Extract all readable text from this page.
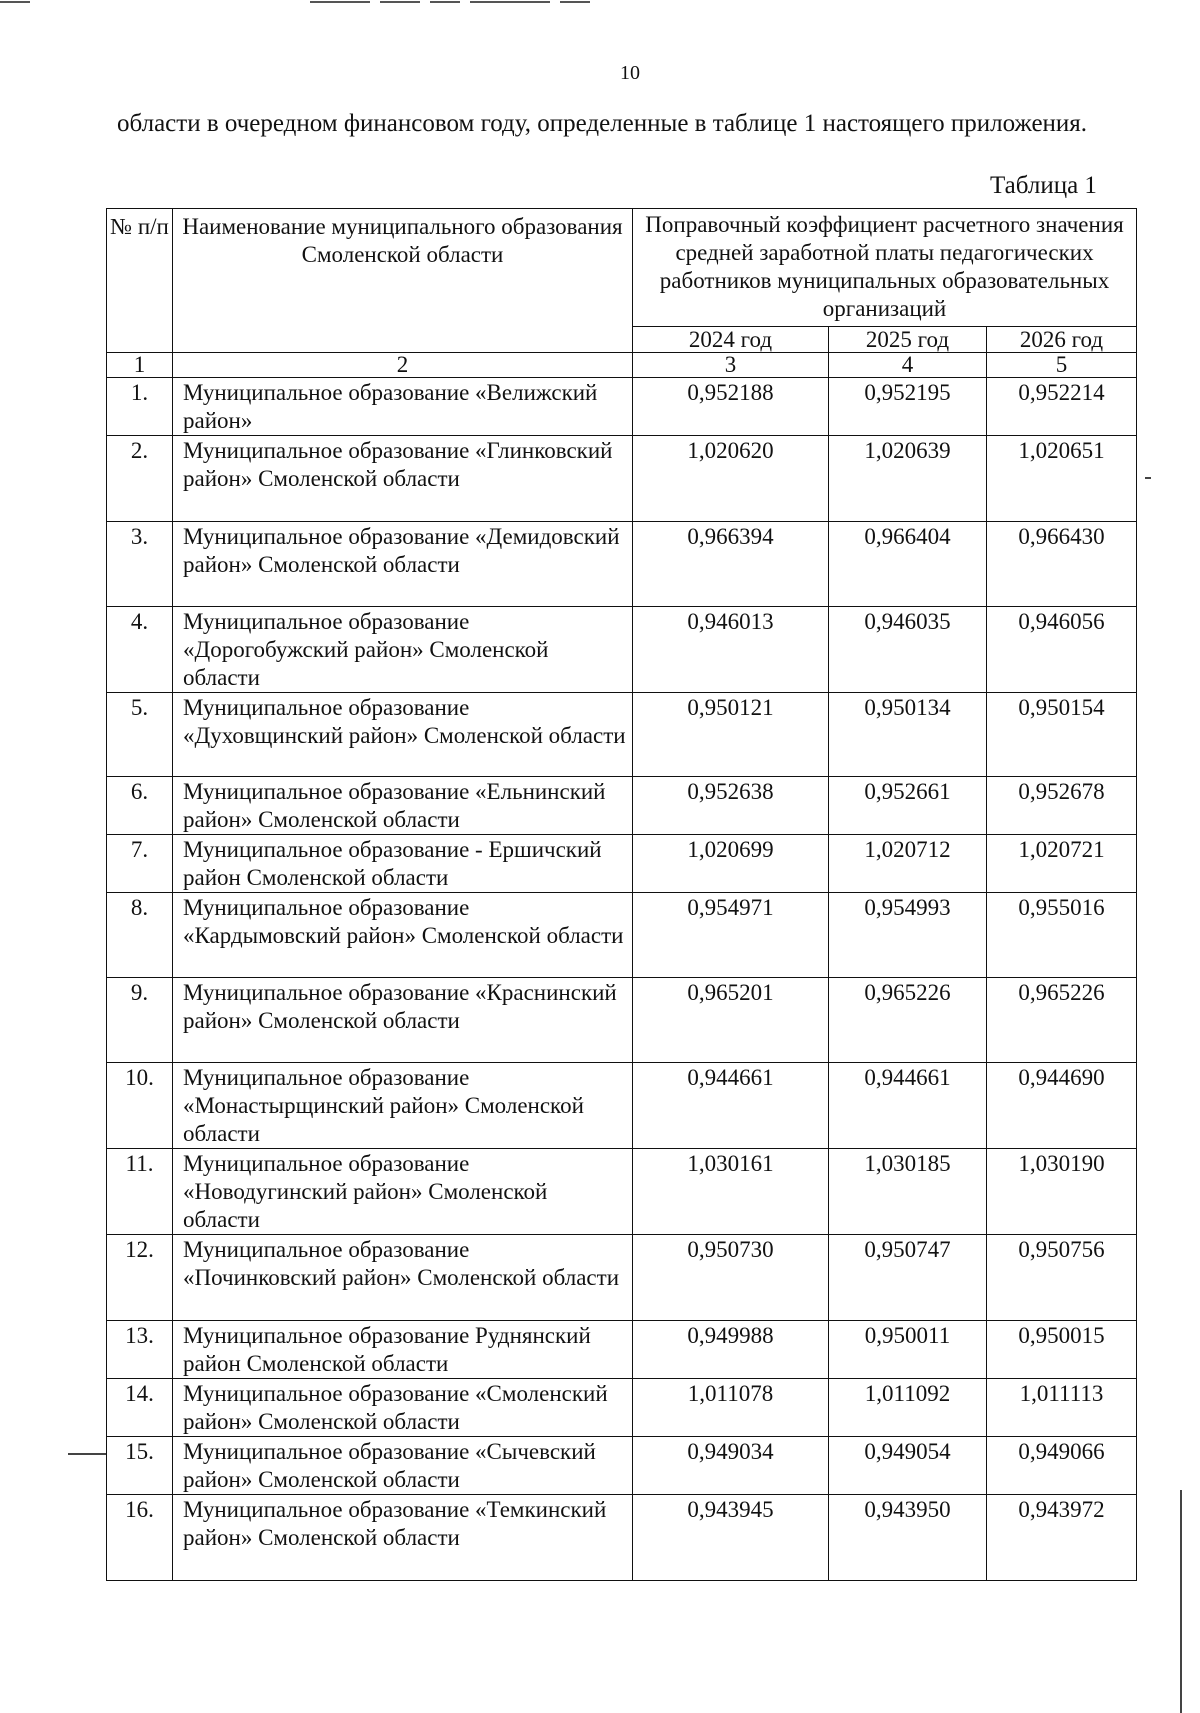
10
области в очередном финансовом году, определенные в таблице 1 настоящего приложения.
Таблица 1
№ п/п	Наименование муниципального образования Смоленской области	Поправочный коэффициент расчетного значения средней заработной платы педагогических работников муниципальных образовательных организаций		
		2024 год	2025 год	2026 год
1	2	3	4	5
1.	Муниципальное образование «Велижский район»	0,952188	0,952195	0,952214
2.	Муниципальное образование «Глинковский район» Смоленской области	1,020620	1,020639	1,020651
3.	Муниципальное образование «Демидовский район» Смоленской области	0,966394	0,966404	0,966430
4.	Муниципальное образование «Дорогобужский район» Смоленской области	0,946013	0,946035	0,946056
5.	Муниципальное образование «Духовщинский район» Смоленской области	0,950121	0,950134	0,950154
6.	Муниципальное образование «Ельнинский район» Смоленской области	0,952638	0,952661	0,952678
7.	Муниципальное образование - Ершичский район Смоленской области	1,020699	1,020712	1,020721
8.	Муниципальное образование «Кардымовский район» Смоленской области	0,954971	0,954993	0,955016
9.	Муниципальное образование «Краснинский район» Смоленской области	0,965201	0,965226	0,965226
10.	Муниципальное образование «Монастырщинский район» Смоленской области	0,944661	0,944661	0,944690
11.	Муниципальное образование «Новодугинский район» Смоленской области	1,030161	1,030185	1,030190
12.	Муниципальное образование «Починковский район» Смоленской области	0,950730	0,950747	0,950756
13.	Муниципальное образование Руднянский район Смоленской области	0,949988	0,950011	0,950015
14.	Муниципальное образование «Смоленский район» Смоленской области	1,011078	1,011092	1,011113
15.	Муниципальное образование «Сычевский район» Смоленской области	0,949034	0,949054	0,949066
16.	Муниципальное образование «Темкинский район» Смоленской области	0,943945	0,943950	0,943972
